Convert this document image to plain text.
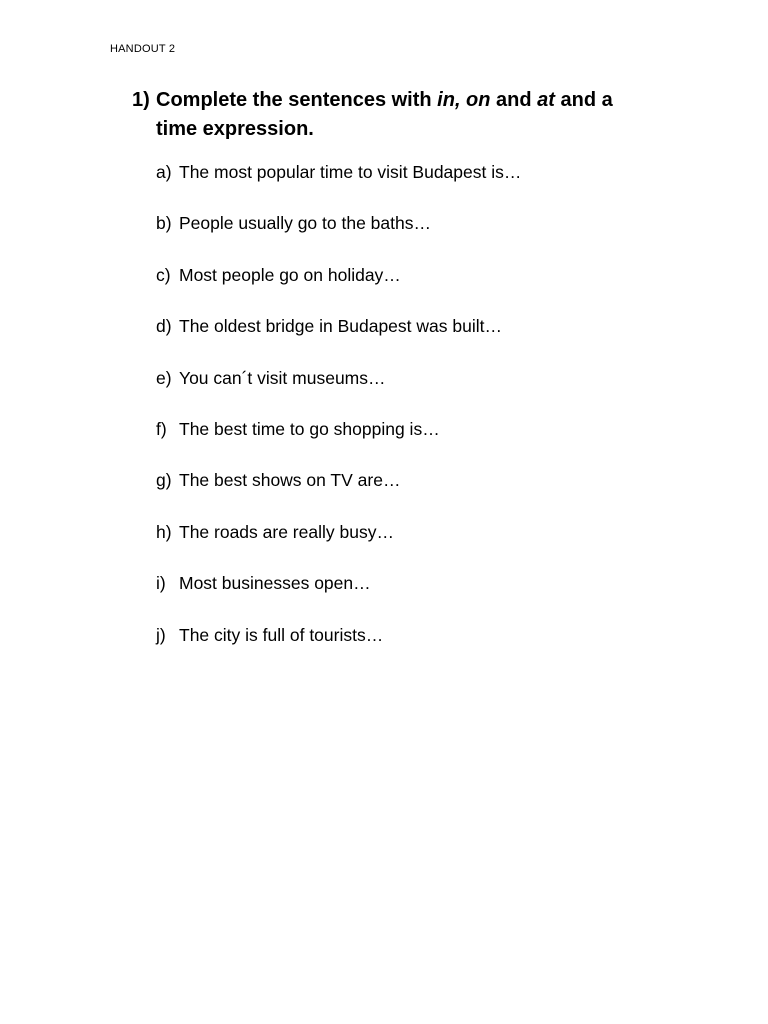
HANDOUT 2
1) Complete the sentences with in, on and at and a time expression.
a) The most popular time to visit Budapest is…
b) People usually go to the baths…
c) Most people go on holiday…
d) The oldest bridge in Budapest was built…
e) You can´t visit museums…
f) The best time to go shopping is…
g) The best shows on TV are…
h) The roads are really busy…
i) Most businesses open…
j) The city is full of tourists…
